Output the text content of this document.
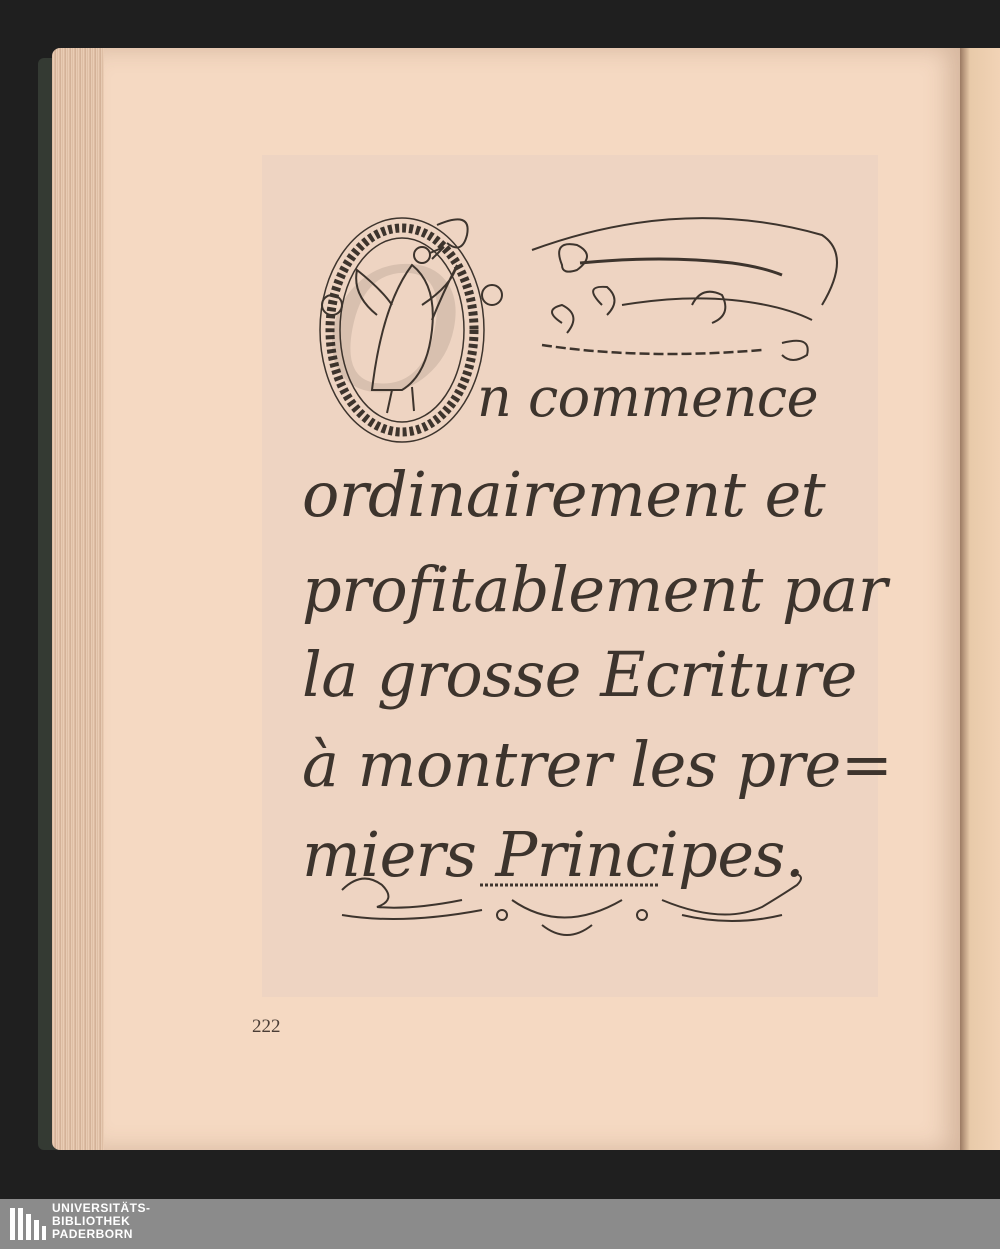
O n commence

ordinairement et

profitablement par

la grosse Ecriture

à montrer les pre=

miers Principes.

222

UNIVERSITÄTS-
BIBLIOTHEK
PADERBORN
